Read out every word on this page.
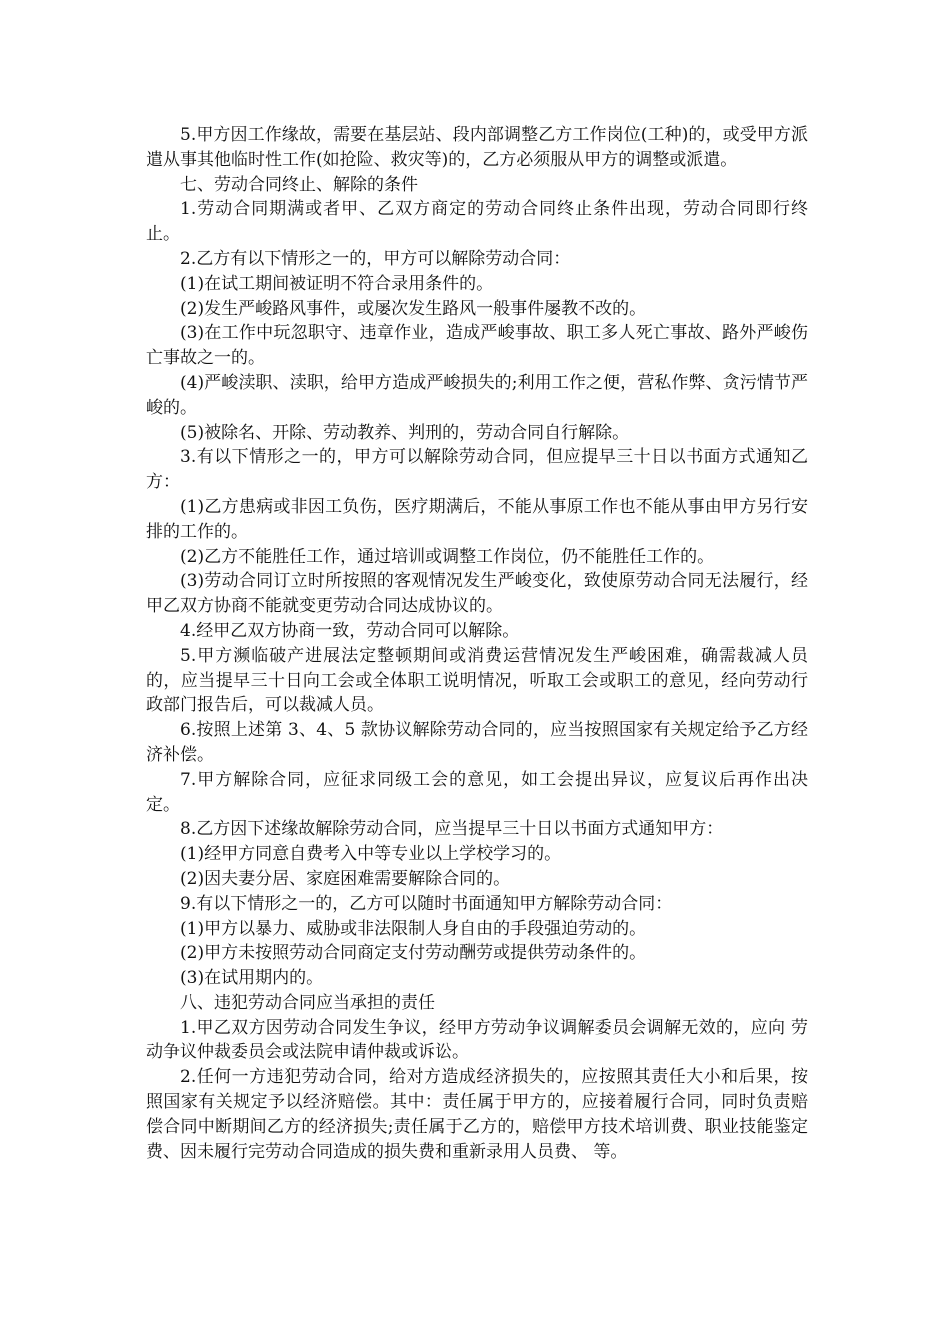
5.甲方因工作缘故，需要在基层站、段内部调整乙方工作岗位(工种)的，或受甲方派遣从事其他临时性工作(如抢险、救灾等)的，乙方必须服从甲方的调整或派遣。

七、劳动合同终止、解除的条件

1.劳动合同期满或者甲、乙双方商定的劳动合同终止条件出现，劳动合同即行终止。

2.乙方有以下情形之一的，甲方可以解除劳动合同：

(1)在试工期间被证明不符合录用条件的。

(2)发生严峻路风事件，或屡次发生路风一般事件屡教不改的。

(3)在工作中玩忽职守、违章作业，造成严峻事故、职工多人死亡事故、路外严峻伤亡事故之一的。

(4)严峻渎职、渎职，给甲方造成严峻损失的;利用工作之便，营私作弊、贪污情节严峻的。

(5)被除名、开除、劳动教养、判刑的，劳动合同自行解除。

3.有以下情形之一的，甲方可以解除劳动合同，但应提早三十日以书面方式通知乙方：

(1)乙方患病或非因工负伤，医疗期满后，不能从事原工作也不能从事由甲方另行安排的工作的。

(2)乙方不能胜任工作，通过培训或调整工作岗位，仍不能胜任工作的。

(3)劳动合同订立时所按照的客观情况发生严峻变化，致使原劳动合同无法履行，经甲乙双方协商不能就变更劳动合同达成协议的。

4.经甲乙双方协商一致，劳动合同可以解除。

5.甲方濒临破产进展法定整顿期间或消费运营情况发生严峻困难，确需裁减人员的，应当提早三十日向工会或全体职工说明情况，听取工会或职工的意见，经向劳动行政部门报告后，可以裁减人员。

6.按照上述第 3、4、5 款协议解除劳动合同的，应当按照国家有关规定给予乙方经济补偿。

7.甲方解除合同，应征求同级工会的意见，如工会提出异议，应复议后再作出决定。

8.乙方因下述缘故解除劳动合同，应当提早三十日以书面方式通知甲方：

(1)经甲方同意自费考入中等专业以上学校学习的。

(2)因夫妻分居、家庭困难需要解除合同的。

9.有以下情形之一的，乙方可以随时书面通知甲方解除劳动合同：

(1)甲方以暴力、威胁或非法限制人身自由的手段强迫劳动的。

(2)甲方未按照劳动合同商定支付劳动酬劳或提供劳动条件的。

(3)在试用期内的。

八、违犯劳动合同应当承担的责任

1.甲乙双方因劳动合同发生争议，经甲方劳动争议调解委员会调解无效的，应向 劳动争议仲裁委员会或法院申请仲裁或诉讼。

2.任何一方违犯劳动合同，给对方造成经济损失的，应按照其责任大小和后果，按照国家有关规定予以经济赔偿。其中：责任属于甲方的，应接着履行合同，同时负责赔偿合同中断期间乙方的经济损失;责任属于乙方的，赔偿甲方技术培训费、职业技能鉴定费、因未履行完劳动合同造成的损失费和重新录用人员费、 等。
